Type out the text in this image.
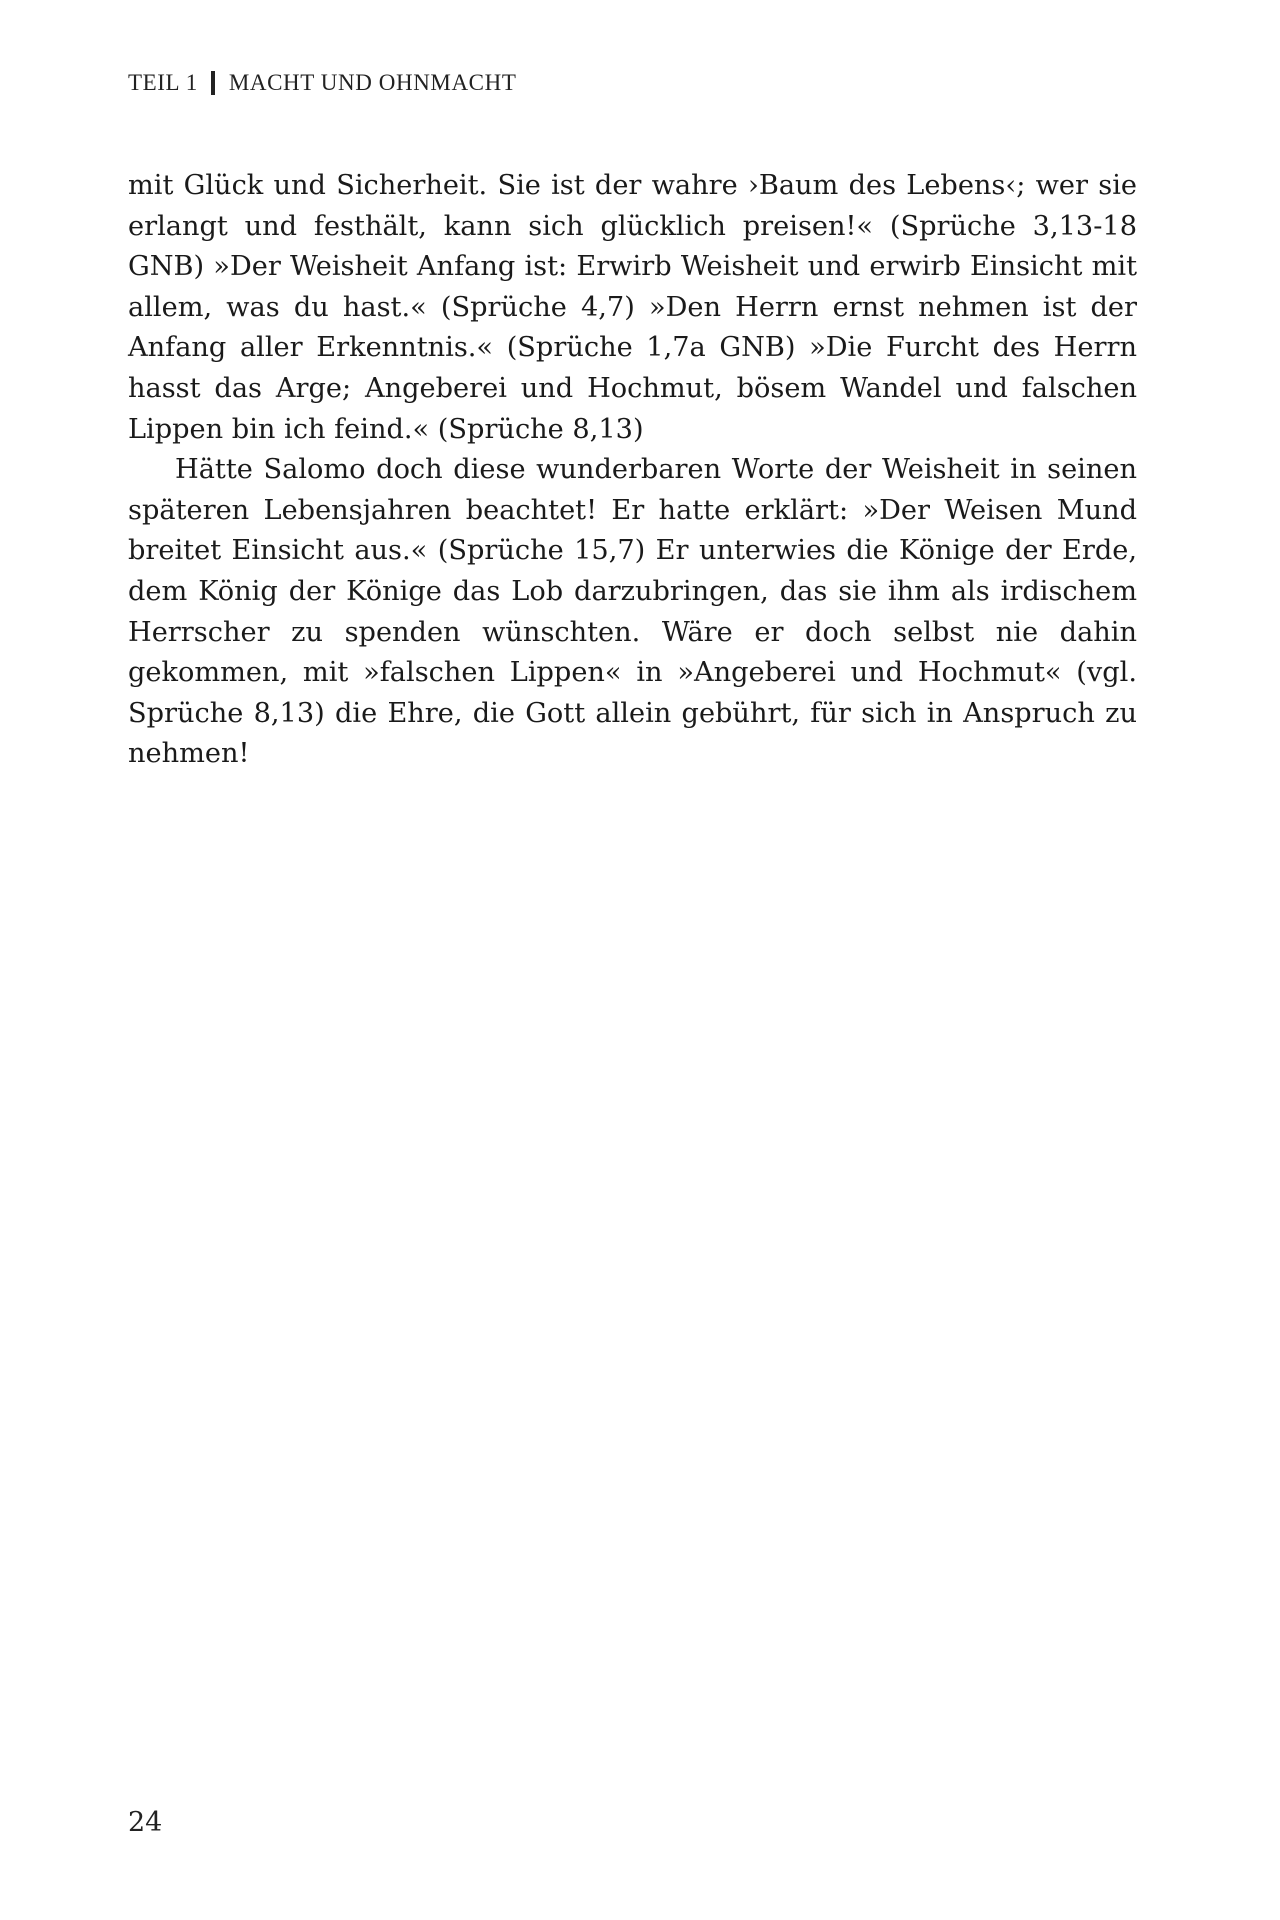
TEIL 1 MACHT UND OHNMACHT

mit Glück und Sicherheit. Sie ist der wahre ›Baum des Lebens‹; wer sie erlangt und festhält, kann sich glücklich preisen!« (Sprüche 3,13-18 GNB) »Der Weisheit Anfang ist: Erwirb Weisheit und erwirb Einsicht mit allem, was du hast.« (Sprüche 4,7) »Den Herrn ernst nehmen ist der Anfang aller Erkenntnis.« (Sprüche 1,7a GNB) »Die Furcht des Herrn hasst das Arge; Angeberei und Hochmut, bösem Wandel und falschen Lippen bin ich feind.« (Sprüche 8,13)

Hätte Salomo doch diese wunderbaren Worte der Weisheit in seinen späteren Lebensjahren beachtet! Er hatte erklärt: »Der Weisen Mund breitet Einsicht aus.« (Sprüche 15,7) Er unterwies die Könige der Erde, dem König der Könige das Lob darzubringen, das sie ihm als irdischem Herrscher zu spenden wünschten. Wäre er doch selbst nie dahin gekommen, mit »falschen Lippen« in »Angeberei und Hochmut« (vgl. Sprüche 8,13) die Ehre, die Gott allein gebührt, für sich in Anspruch zu nehmen!

24
